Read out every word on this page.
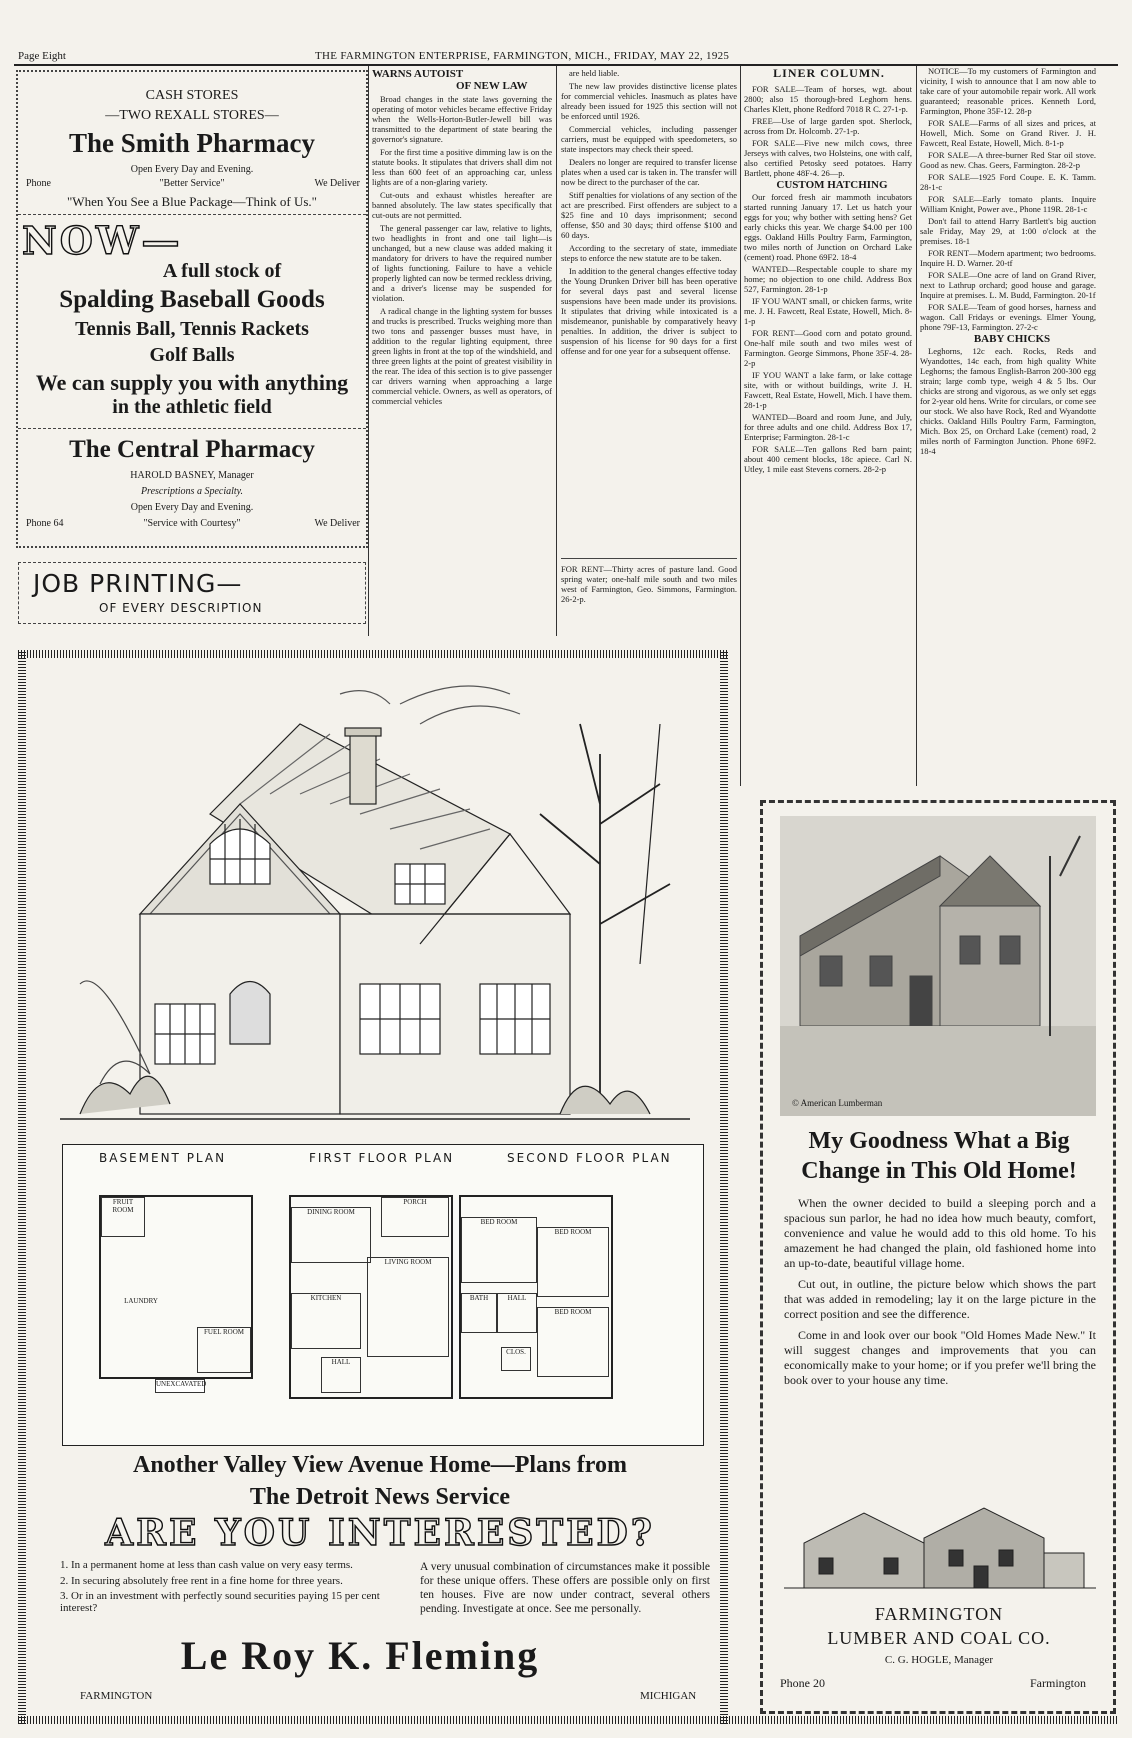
Page Eight	THE FARMINGTON ENTERPRISE, FARMINGTON, MICH., FRIDAY, MAY 22, 1925
CASH STORES
—TWO REXALL STORES—
The Smith Pharmacy
Open Every Day and Evening.
Phone	"Better Service"	We Deliver
"When You See a Blue Package—Think of Us."
NOW—
A full stock of
Spalding Baseball Goods
Tennis Ball, Tennis Rackets
Golf Balls
We can supply you with anything
in the athletic field
The Central Pharmacy
HAROLD BASNEY, Manager
Prescriptions a Specialty.
Open Every Day and Evening.
Phone 64	"Service with Courtesy"	We Deliver
JOB PRINTING—
OF EVERY DESCRIPTION
WARNS AUTOIST
OF NEW LAW

Broad changes in the state laws governing the operating of motor vehicles became effective Friday when the Wells-Horton-Butler-Jewell bill was transmitted to the department of state bearing the governor's signature.

For the first time a positive dimming law is on the statute books. It stipulates that drivers shall dim not less than 600 feet of an approaching car, unless lights are of a non-glaring variety.

Cut-outs and exhaust whistles hereafter are banned absolutely. The law states specifically that cut-outs are not permitted.

The general passenger car law, relative to lights, two headlights in front and one tail light—is unchanged, but a new clause was added making it mandatory for drivers to have the required number of lights functioning. Failure to have a vehicle properly lighted can now be termed reckless driving, and a driver's license may be suspended for violation.

A radical change in the lighting system for busses and trucks is prescribed. Trucks weighing more than two tons and passenger busses must have, in addition to the regular lighting equipment, three green lights in front at the top of the windshield, and three green lights at the point of greatest visibility in the rear. The idea of this section is to give passenger car drivers warning when approaching a large commercial vehicle. Owners, as well as operators, of commercial vehicles

are held liable.

The new law provides distinctive license plates for commercial vehicles. Inasmuch as plates have already been issued for 1925 this section will not be enforced until 1926.

Commercial vehicles, including passenger carriers, must be equipped with speedometers, so state inspectors may check their speed.

Dealers no longer are required to transfer license plates when a used car is taken in. The transfer will now be direct to the purchaser of the car.

Stiff penalties for violations of any section of the act are prescribed. First offenders are subject to a $25 fine and 10 days imprisonment; second offense, $50 and 30 days; third offense $100 and 60 days.

According to the secretary of state, immediate steps to enforce the new statute are to be taken.

In addition to the general changes effective today the Young Drunken Driver bill has been operative for several days past and several license suspensions have been made under its provisions. It stipulates that driving while intoxicated is a misdemeanor, punishable by comparatively heavy penalties. In addition, the driver is subject to suspension of his license for 90 days for a first offense and for one year for a subsequent offense.

FOR RENT—Thirty acres of pasture land. Good spring water; one-half mile south and two miles west of Farmington, Geo. Simmons, Farmington. 26-2-p.
LINER COLUMN.

FOR SALE—Team of horses, wgt. about 2800; also 15 thorough-bred Leghorn hens. Charles Klett, phone Redford 7018 R C. 27-1-p.

FREE—Use of large garden spot. Sherlock, across from Dr. Holcomb. 27-1-p.

FOR SALE—Five new milch cows, three Jerseys with calves, two Holsteins, one with calf, also certified Petosky seed potatoes. Harry Bartlett, phone 48F-4. 26—p.

CUSTOM HATCHING

Our forced fresh air mammoth incubators started running January 17. Let us hatch your eggs for you; why bother with setting hens? Get early chicks this year. We charge $4.00 per 100 eggs. Oakland Hills Poultry Farm, Farmington, two miles north of Junction on Orchard Lake (cement) road. Phone 69F2. 18-4

WANTED—Respectable couple to share my home; no objection to one child. Address Box 527, Farmington. 28-1-p

IF YOU WANT small, or chicken farms, write me. J. H. Fawcett, Real Estate, Howell, Mich. 8-1-p

FOR RENT—Good corn and potato ground. One-half mile south and two miles west of Farmington. George Simmons, Phone 35F-4. 28-2-p

IF YOU WANT a lake farm, or lake cottage site, with or without buildings, write J. H. Fawcett, Real Estate, Howell, Mich. I have them. 28-1-p

WANTED—Board and room June, and July, for three adults and one child. Address Box 17, Enterprise; Farmington. 28-1-c

FOR SALE—Ten gallons Red barn paint; about 400 cement blocks, 18c apiece. Carl N. Utley, 1 mile east Stevens corners. 28-2-p

NOTICE—To my customers of Farmington and vicinity, I wish to announce that I am now able to take care of your automobile repair work. All work guaranteed; reasonable prices. Kenneth Lord, Farmington, Phone 35F-12. 28-p

FOR SALE—Farms of all sizes and prices, at Howell, Mich. Some on Grand River. J. H. Fawcett, Real Estate, Howell, Mich. 8-1-p

FOR SALE—A three-burner Red Star oil stove. Good as new. Chas. Geers, Farmington. 28-2-p

FOR SALE—1925 Ford Coupe. E. K. Tamm. 28-1-c

FOR SALE—Early tomato plants. Inquire William Knight, Power ave., Phone 119R. 28-1-c

Don't fail to attend Harry Bartlett's big auction sale Friday, May 29, at 1:00 o'clock at the premises. 18-1

FOR RENT—Modern apartment; two bedrooms. Inquire H. D. Warner. 20-tf

FOR SALE—One acre of land on Grand River, next to Lathrup orchard; good house and garage. Inquire at premises. L. M. Budd, Farmington. 20-1f

FOR SALE—Team of good horses, harness and wagon. Call Fridays or evenings. Elmer Young, phone 79F-13, Farmington. 27-2-c

BABY CHICKS

Leghorns, 12c each. Rocks, Reds and Wyandottes, 14c each, from high quality White Leghorns; the famous English-Barron 200-300 egg strain; large comb type, weigh 4 & 5 lbs. Our chicks are strong and vigorous, as we only set eggs for 2-year old hens. Write for circulars, or come see our stock. We also have Rock, Red and Wyandotte chicks. Oakland Hills Poultry Farm, Farmington, Mich. Box 25, on Orchard Lake (cement) road, 2 miles north of Farmington Junction. Phone 69F2. 18-4

BASEMENT PLAN	FIRST FLOOR PLAN	SECOND FLOOR PLAN
FRUIT ROOM
LAUNDRY
FUEL ROOM
UNEXCAVATED
DINING ROOM
PORCH
KITCHEN
LIVING ROOM
HALL
BED ROOM
BED ROOM
BATH	HALL
BED ROOM
CLOS.
Another Valley View Avenue Home—Plans from
The Detroit News Service
ARE YOU INTERESTED?
1. In a permanent home at less than cash value on very easy terms.
2. In securing absolutely free rent in a fine home for three years.
3. Or in an investment with perfectly sound securities paying 15 per cent interest?
A very unusual combination of circumstances make it possible for these unique offers. These offers are possible only on first ten houses. Five are now under contract, several others pending. Investigate at once. See me personally.
Le Roy K. Fleming
FARMINGTON	MICHIGAN
© American Lumberman
My Goodness What a Big
Change in This Old Home!

When the owner decided to build a sleeping porch and a spacious sun parlor, he had no idea how much beauty, comfort, convenience and value he would add to this old home. To his amazement he had changed the plain, old fashioned home into an up-to-date, beautiful village home.

Cut out, in outline, the picture below which shows the part that was added in remodeling; lay it on the large picture in the correct position and see the difference.

Come in and look over our book "Old Homes Made New." It will suggest changes and improvements that you can economically make to your home; or if you prefer we'll bring the book over to your house any time.

FARMINGTON
LUMBER AND COAL CO.
C. G. HOGLE, Manager
Phone 20	Farmington
